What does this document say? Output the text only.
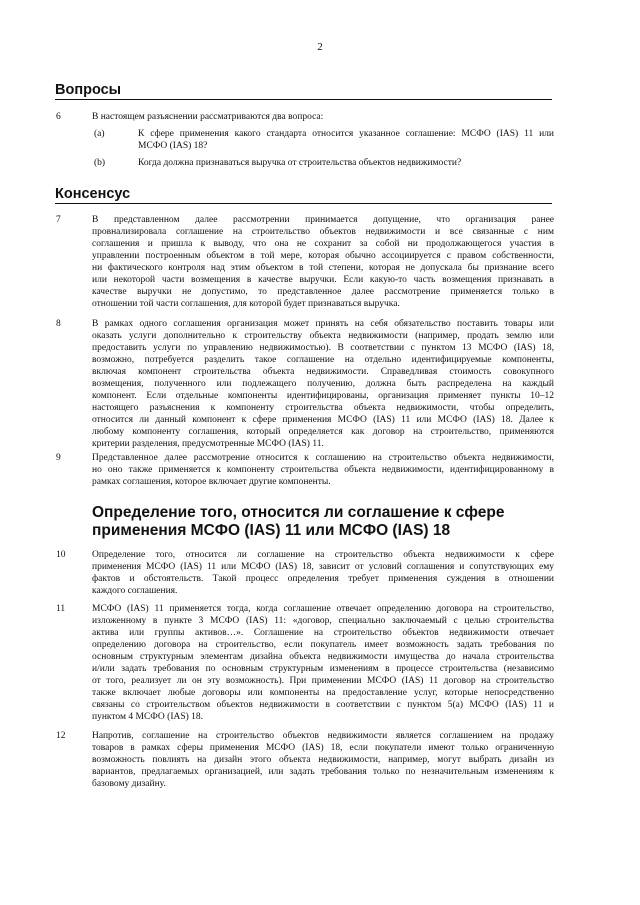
2
Вопросы
6	В настоящем разъяснении рассматриваются два вопроса:
(a)	К сфере применения какого стандарта относится указанное соглашение: МСФО (IAS) 11 или
МСФО (IAS) 18?
(b)	Когда должна признаваться выручка от строительства объектов недвижимости?
Консенсус
7	В представленном далее рассмотрении принимается допущение, что организация ранее
провнализировала соглашение на строительство объектов недвижимости и все связанные с ним
соглашения и пришла к выводу, что она не сохранит за собой ни продолжающегося участия в
управлении построенным объектом в той мере, которая обычно ассоциируется с правом собственности,
ни фактического контроля над этим объектом в той степени, которая не допускала бы признание всего
или некоторой части возмещения в качестве выручки. Если какую-то часть возмещения признавать в
качестве выручки не допустимо, то представленное далее рассмотрение применяется только в
отношении той части соглашения, для которой будет признаваться выручка.
8	В рамках одного соглашения организация может принять на себя обязательство поставить товары или
оказать услуги дополнительно к строительству объекта недвижимости (например, продать землю или
предоставить услуги по управлению недвижимостью). В соответствии с пунктом 13 МСФО (IAS) 18,
возможно, потребуется разделить такое соглашение на отдельно идентифицируемые компоненты,
включая компонент строительства объекта недвижимости. Справедливая стоимость совокупного
возмещения, полученного или подлежащего получению, должна быть распределена на каждый
компонент. Если отдельные компоненты идентифицированы, организация применяет пункты 10–12
настоящего разъяснения к компоненту строительства объекта недвижимости, чтобы определить,
относится ли данный компонент к сфере применения МСФО (IAS) 11 или МСФО (IAS) 18. Далее к
любому компоненту соглашения, который определяется как договор на строительство, применяются
критерии разделения, предусмотренные МСФО (IAS) 11.
9	Представленное далее рассмотрение относится к соглашению на строительство объекта недвижимости,
но оно также применяется к компоненту строительства объекта недвижимости, идентифицированному в
рамках соглашения, которое включает другие компоненты.
Определение того, относится ли соглашение к сфере
применения МСФО (IAS) 11 или МСФО (IAS) 18
10	Определение того, относится ли соглашение на строительство объекта недвижимости к сфере
применения МСФО (IAS) 11 или МСФО (IAS) 18, зависит от условий соглашения и сопутствующих ему
фактов и обстоятельств. Такой процесс определения требует применения суждения в отношении
каждого соглашения.
11	МСФО (IAS) 11 применяется тогда, когда соглашение отвечает определению договора на строительство,
изложенному в пункте 3 МСФО (IAS) 11: «договор, специально заключаемый с целью строительства
актива или группы активов…». Соглашение на строительство объектов недвижимости отвечает
определению договора на строительство, если покупатель имеет возможность задать требования по
основным структурным элементам дизайна объекта недвижимости имущества до начала строительства
и/или задать требования по основным структурным изменениям в процессе строительства (независимо
от того, реализует ли он эту возможность). При применении МСФО (IAS) 11 договор на строительство
также включает любые договоры или компоненты на предоставление услуг, которые непосредственно
связаны со строительством объектов недвижимости в соответствии с пунктом 5(a) МСФО (IAS) 11 и
пунктом 4 МСФО (IAS) 18.
12	Напротив, соглашение на строительство объектов недвижимости является соглашением на продажу
товаров в рамках сферы применения МСФО (IAS) 18, если покупатели имеют только ограниченную
возможность повлиять на дизайн этого объекта недвижимости, например, могут выбрать дизайн из
вариантов, предлагаемых организацией, или задать требования только по незначительным изменениям к
базовому дизайну.
